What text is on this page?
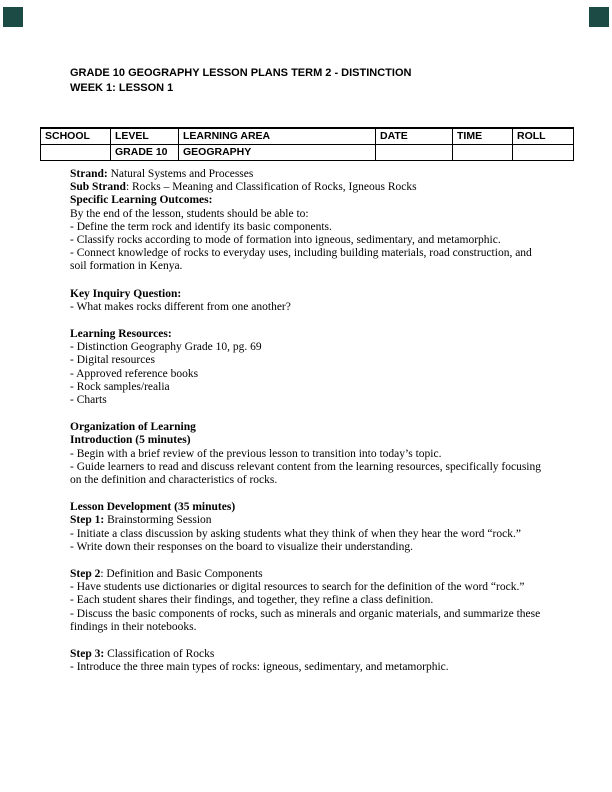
GRADE 10 GEOGRAPHY LESSON PLANS TERM 2 - DISTINCTION
WEEK 1: LESSON 1
SCHOOL	LEVEL	LEARNING AREA	DATE	TIME	ROLL
	GRADE 10	GEOGRAPHY			

Strand: Natural Systems and Processes

Sub Strand: Rocks – Meaning and Classification of Rocks, Igneous Rocks

Specific Learning Outcomes:

By the end of the lesson, students should be able to:

- Define the term rock and identify its basic components.

- Classify rocks according to mode of formation into igneous, sedimentary, and metamorphic.

- Connect knowledge of rocks to everyday uses, including building materials, road construction, and soil formation in Kenya.

Key Inquiry Question:

- What makes rocks different from one another?

Learning Resources:

- Distinction Geography Grade 10, pg. 69

- Digital resources

- Approved reference books

- Rock samples/realia

- Charts

Organization of Learning

Introduction (5 minutes)

- Begin with a brief review of the previous lesson to transition into today’s topic.

- Guide learners to read and discuss relevant content from the learning resources, specifically focusing on the definition and characteristics of rocks.

Lesson Development (35 minutes)

Step 1: Brainstorming Session

- Initiate a class discussion by asking students what they think of when they hear the word “rock.”

- Write down their responses on the board to visualize their understanding.

Step 2: Definition and Basic Components

- Have students use dictionaries or digital resources to search for the definition of the word “rock.”

- Each student shares their findings, and together, they refine a class definition.

- Discuss the basic components of rocks, such as minerals and organic materials, and summarize these findings in their notebooks.

Step 3: Classification of Rocks

- Introduce the three main types of rocks: igneous, sedimentary, and metamorphic.
